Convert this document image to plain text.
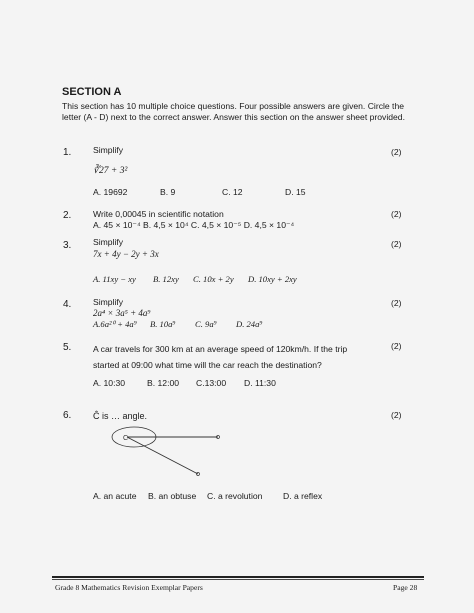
SECTION A
This section has 10 multiple choice questions. Four possible answers are given. Circle the
letter (A - D) next to the correct answer. Answer this section on the answer sheet provided.
1.	Simplify	(2)
∛27 + 3²
A. 19692	B. 9	C. 12	D. 15
2.	Write 0,00045 in scientific notation	(2)
A. 45 × 10⁻⁴ B. 4,5 × 10⁴ C. 4,5 × 10⁻⁵ D. 4,5 × 10⁻⁴
3.	Simplify	(2)
7x + 4y − 2y + 3x
A. 11xy − xy B. 12xy C. 10x + 2y D. 10xy + 2xy
4.	Simplify	(2)
2a⁴ × 3a⁵ + 4a⁹
A.6a²⁰ + 4a⁹ B. 10a⁹ C. 9a⁹ D. 24a⁹
5.	A car travels for 300 km at an average speed of 120km/h. If the trip	(2)
started at 09:00 what time will the car reach the destination?
A. 10:30	B. 12:00 C.13:00 D. 11:30
6. Ĉ is … angle.	(2)
C
A. an acute B. an obtuse C. a revolution D. a reflex
Grade 8 Mathematics Revision Exemplar Papers	Page 28
